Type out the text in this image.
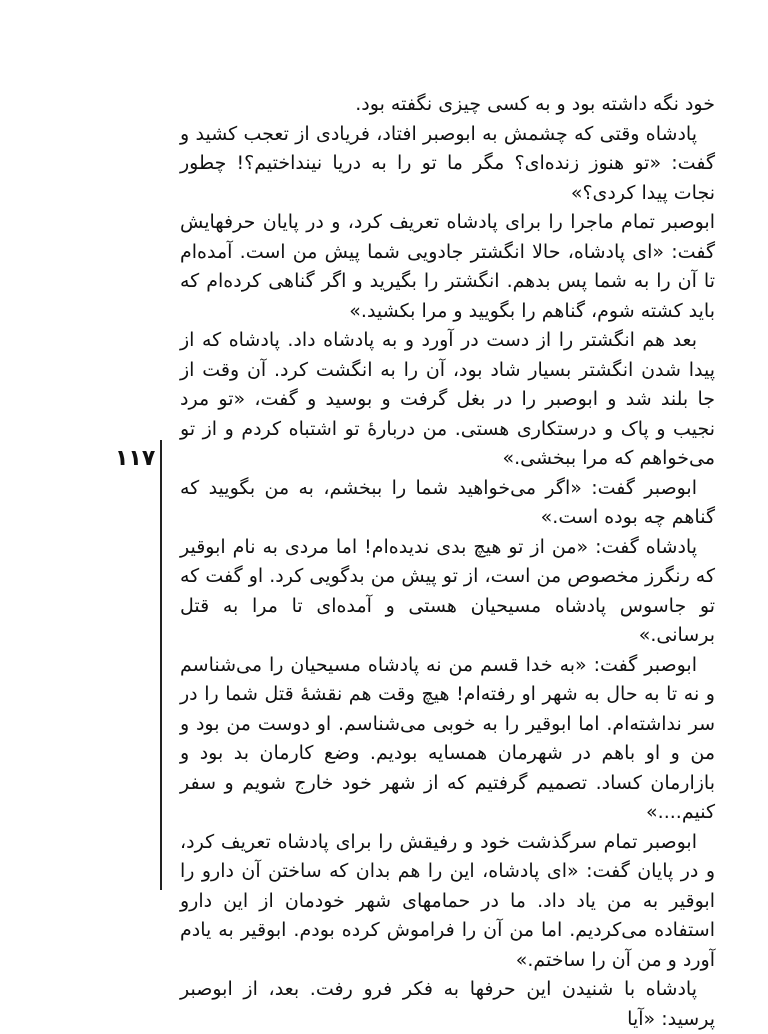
خود نگه داشته بود و به کسی چیزی نگفته بود.

پادشاه وقتی که چشمش به ابوصبر افتاد، فریادی از تعجب کشید و گفت: «تو هنوز زنده‌ای؟ مگر ما تو را به دریا نینداختیم؟! چطور نجات پیدا کردی؟»

ابوصبر تمام ماجرا را برای پادشاه تعریف کرد، و در پایان حرفهایش گفت: «ای پادشاه، حالا انگشتر جادویی شما پیش من است. آمده‌ام تا آن را به شما پس بدهم. انگشتر را بگیرید و اگر گناهی کرده‌ام که باید کشته شوم، گناهم را بگویید و مرا بکشید.»

بعد هم انگشتر را از دست در آورد و به پادشاه داد. پادشاه که از پیدا شدن انگشتر بسیار شاد بود، آن را به انگشت کرد. آن وقت از جا بلند شد و ابوصبر را در بغل گرفت و بوسید و گفت، «تو مرد نجیب و پاک و درستکاری هستی. من دربارهٔ تو اشتباه کردم و از تو می‌خواهم که مرا ببخشی.»

ابوصبر گفت: «اگر می‌خواهید شما را ببخشم، به من بگویید که گناهم چه بوده است.»

پادشاه گفت: «من از تو هیچ بدی ندیده‌ام! اما مردی به نام ابوقیر که رنگرز مخصوص من است، از تو پیش من بدگویی کرد. او گفت که تو جاسوس پادشاه مسیحیان هستی و آمده‌ای تا مرا به قتل برسانی.»

ابوصبر گفت: «به خدا قسم من نه پادشاه مسیحیان را می‌شناسم و نه تا به حال به شهر او رفته‌ام! هیچ وقت هم نقشهٔ قتل شما را در سر نداشته‌ام. اما ابوقیر را به خوبی می‌شناسم. او دوست من بود و من و او باهم در شهرمان همسایه بودیم. وضع کارمان بد بود و بازارمان کساد. تصمیم گرفتیم که از شهر خود خارج شویم و سفر کنیم....»

ابوصبر تمام سرگذشت خود و رفیقش را برای پادشاه تعریف کرد، و در پایان گفت: «ای پادشاه، این را هم بدان که ساختن آن دارو را ابوقیر به من یاد داد. ما در حمامهای شهر خودمان از این دارو استفاده می‌کردیم. اما من آن را فراموش کرده بودم. ابوقیر به یادم آورد و من آن را ساختم.»

پادشاه با شنیدن این حرفها به فکر فرو رفت. بعد، از ابوصبر پرسید: «آیا

۱۱۷
